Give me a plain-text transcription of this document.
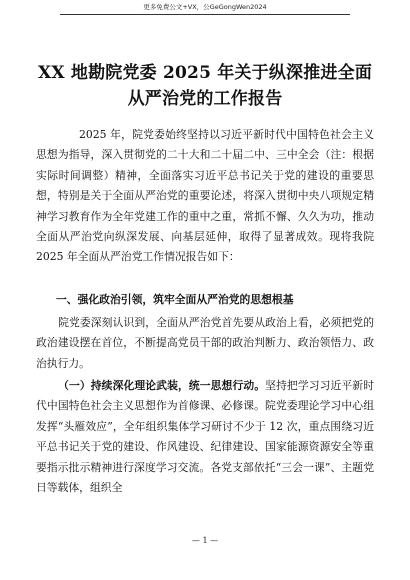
更多免费公文+VX，公GeGongWen2024
XX 地勘院党委 2025 年关于纵深推进全面
从严治党的工作报告

2025 年，院党委始终坚持以习近平新时代中国特色社会主义思想为指导，深入贯彻党的二十大和二十届二中、三中全会（注：根据实际时间调整）精神，全面落实习近平总书记关于党的建设的重要思想，特别是关于全面从严治党的重要论述，将深入贯彻中央八项规定精神学习教育作为全年党建工作的重中之重，常抓不懈、久久为功，推动全面从严治党向纵深发展、向基层延伸，取得了显著成效。现将我院 2025 年全面从严治党工作情况报告如下：

一、强化政治引领，筑牢全面从严治党的思想根基

院党委深刻认识到，全面从严治党首先要从政治上看，必须把党的政治建设摆在首位，不断提高党员干部的政治判断力、政治领悟力、政治执行力。

（一）持续深化理论武装，统一思想行动。坚持把学习习近平新时代中国特色社会主义思想作为首修课、必修课。院党委理论学习中心组发挥“头雁效应”，全年组织集体学习研讨不少于 12 次，重点围绕习近平总书记关于党的建设、作风建设、纪律建设、国家能源资源安全等重要指示批示精神进行深度学习交流。各党支部依托“三会一课”、主题党日等载体，组织全

— 1 —
